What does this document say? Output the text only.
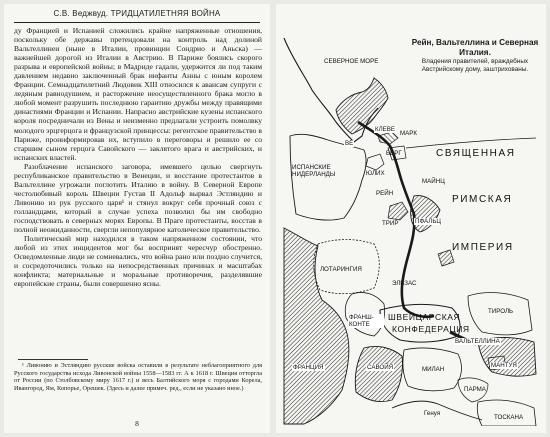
С.В. Веджвуд. ТРИДЦАТИЛЕТНЯЯ ВОЙНА

ду Францией и Испанией сложились крайне напряженные отношения, поскольку обе державы претендовали на контроль над долиной Вальтеллинеи (ныне в Италии, провинции Сондрио и Аньска) — важнейшей дорогой из Италии в Австрию. В Париже боялись скорого разрыва и европейской войны; в Мадриде гадали, удержится ли под таким давлением недавно заключенный брак инфанты Анны с юным королем Франции. Семнадцатилетний Людовик XIII относился к авансам супруги с ледяным равнодушием, и расторжение неосуществленного брака могло в любой момент разрушить последнюю гарантию дружбы между правящими династиями Франции и Испании. Напрасно австрийские кузены испанского короля посредничали из Вены и неизменно предлагали устроить помолвку молодого эрцгерцога и французской принцессы: регентское правительство в Париже, проинформировав их, вступило в переговоры и решило ее со старшим сыном герцога Савойского — заклятого врага и австрийских, и испанских властей.

Разоблачение испанского заговора, имевшего целью свергнуть республиканское правительство в Венеции, и восстание протестантов в Вальтеллине угрожали поглотить Италию в войну. В Северной Европе честолюбивый король Швеции Густав II Адольф вырвал Эстляндию и Ливонию из рук русского царя¹ и стянул вокруг себя прочный союз с голландцами, который в случае успеха позволил бы им свободно господствовать в северных морях Европы. В Праге протестанты, восстав в полной неожиданности, свергли непопулярное католическое правительство.

Политический мир находился в таком напряженном состоянии, что любой из этих инцидентов мог бы воспринят чересчур обостренно. Осведомленные люди не сомневались, что война рано или поздно случится, и сосредоточились только на непосредственных причинах и масштабах конфликта; материальные и моральные противоречия, разделявшие европейские страны, были совершенно ясны.

¹ Ливонию и Эстляндию русские войска оставили в результате неблагоприятного для Русского государства исхода Ливонской войны 1558—1583 гг. А к 1618 г. Швеция отторгла от России (по Столбовскому миру 1617 г.) и весь Балтийского моря с городами Корела, Ивангород, Ям, Копорье, Орешек. (Здесь и далее примеч. ред., если не указано иное.)

8
Рейн, Вальтеллина и Северная Италия.
Владения правителей, враждебных Австрийскому дому, заштрихованы.
СЕВЕРНОЕ МОРЕ
ВЕ
КЛЕВЕ
МАРК
БЕРГ
ЮЛИХ
РЕЙН
МАЙНЦ
ТРИР	ПФАЛЬЦ
ИСПАНСКИЕ НИДЕРЛАНДЫ
ЛОТАРИНГИЯ
ЭЛЬЗАС
ФРАНШ-КОНТЕ
СВЯЩЕННАЯ
РИМСКАЯ
ИМПЕРИЯ
ШВЕЙЦАРСКАЯ
КОНФЕДЕРАЦИЯ
ТИРОЛЬ
ВАЛЬТЕЛЛИНА
САВОЙЯ
ФРАНЦИЯ	МИЛАН
ПАРМА
МАНТУЯ
Генуя
ТОСКАНА
